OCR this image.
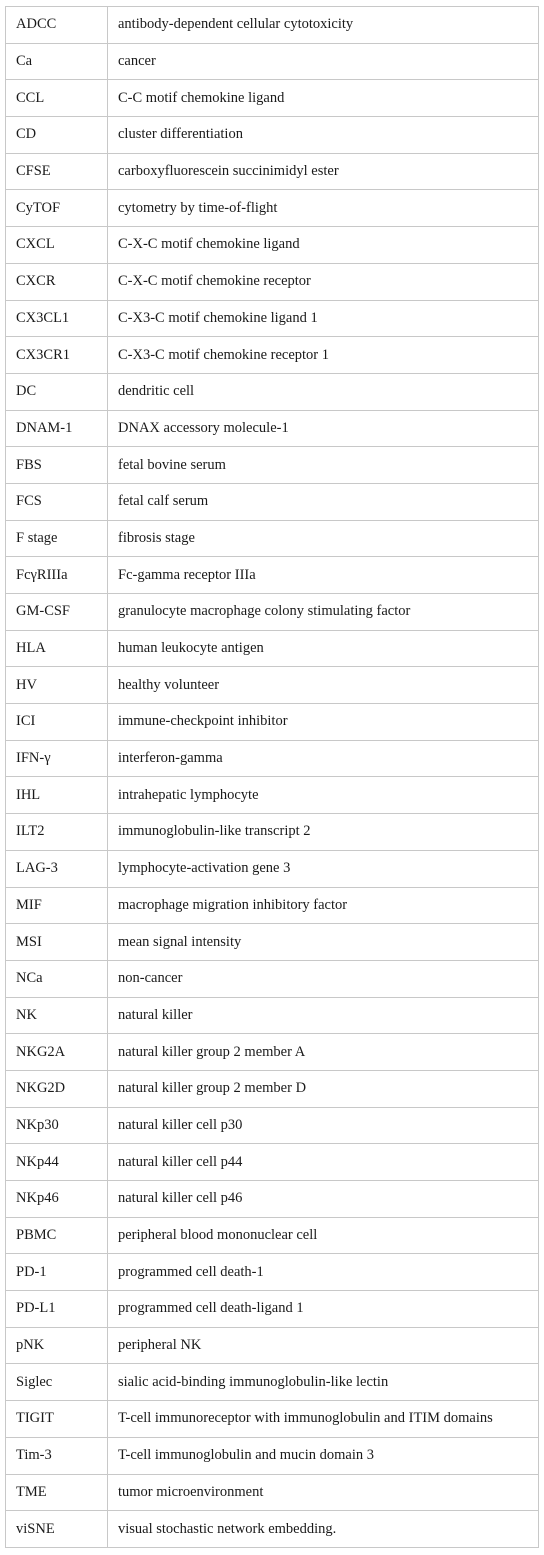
ADCC	antibody-dependent cellular cytotoxicity
Ca	cancer
CCL	C-C motif chemokine ligand
CD	cluster differentiation
CFSE	carboxyfluorescein succinimidyl ester
CyTOF	cytometry by time-of-flight
CXCL	C-X-C motif chemokine ligand
CXCR	C-X-C motif chemokine receptor
CX3CL1	C-X3-C motif chemokine ligand 1
CX3CR1	C-X3-C motif chemokine receptor 1
DC	dendritic cell
DNAM-1	DNAX accessory molecule-1
FBS	fetal bovine serum
FCS	fetal calf serum
F stage	fibrosis stage
FcγRIIIa	Fc-gamma receptor IIIa
GM-CSF	granulocyte macrophage colony stimulating factor
HLA	human leukocyte antigen
HV	healthy volunteer
ICI	immune-checkpoint inhibitor
IFN-γ	interferon-gamma
IHL	intrahepatic lymphocyte
ILT2	immunoglobulin-like transcript 2
LAG-3	lymphocyte-activation gene 3
MIF	macrophage migration inhibitory factor
MSI	mean signal intensity
NCa	non-cancer
NK	natural killer
NKG2A	natural killer group 2 member A
NKG2D	natural killer group 2 member D
NKp30	natural killer cell p30
NKp44	natural killer cell p44
NKp46	natural killer cell p46
PBMC	peripheral blood mononuclear cell
PD-1	programmed cell death-1
PD-L1	programmed cell death-ligand 1
pNK	peripheral NK
Siglec	sialic acid-binding immunoglobulin-like lectin
TIGIT	T-cell immunoreceptor with immunoglobulin and ITIM domains
Tim-3	T-cell immunoglobulin and mucin domain 3
TME	tumor microenvironment
viSNE	visual stochastic network embedding.
